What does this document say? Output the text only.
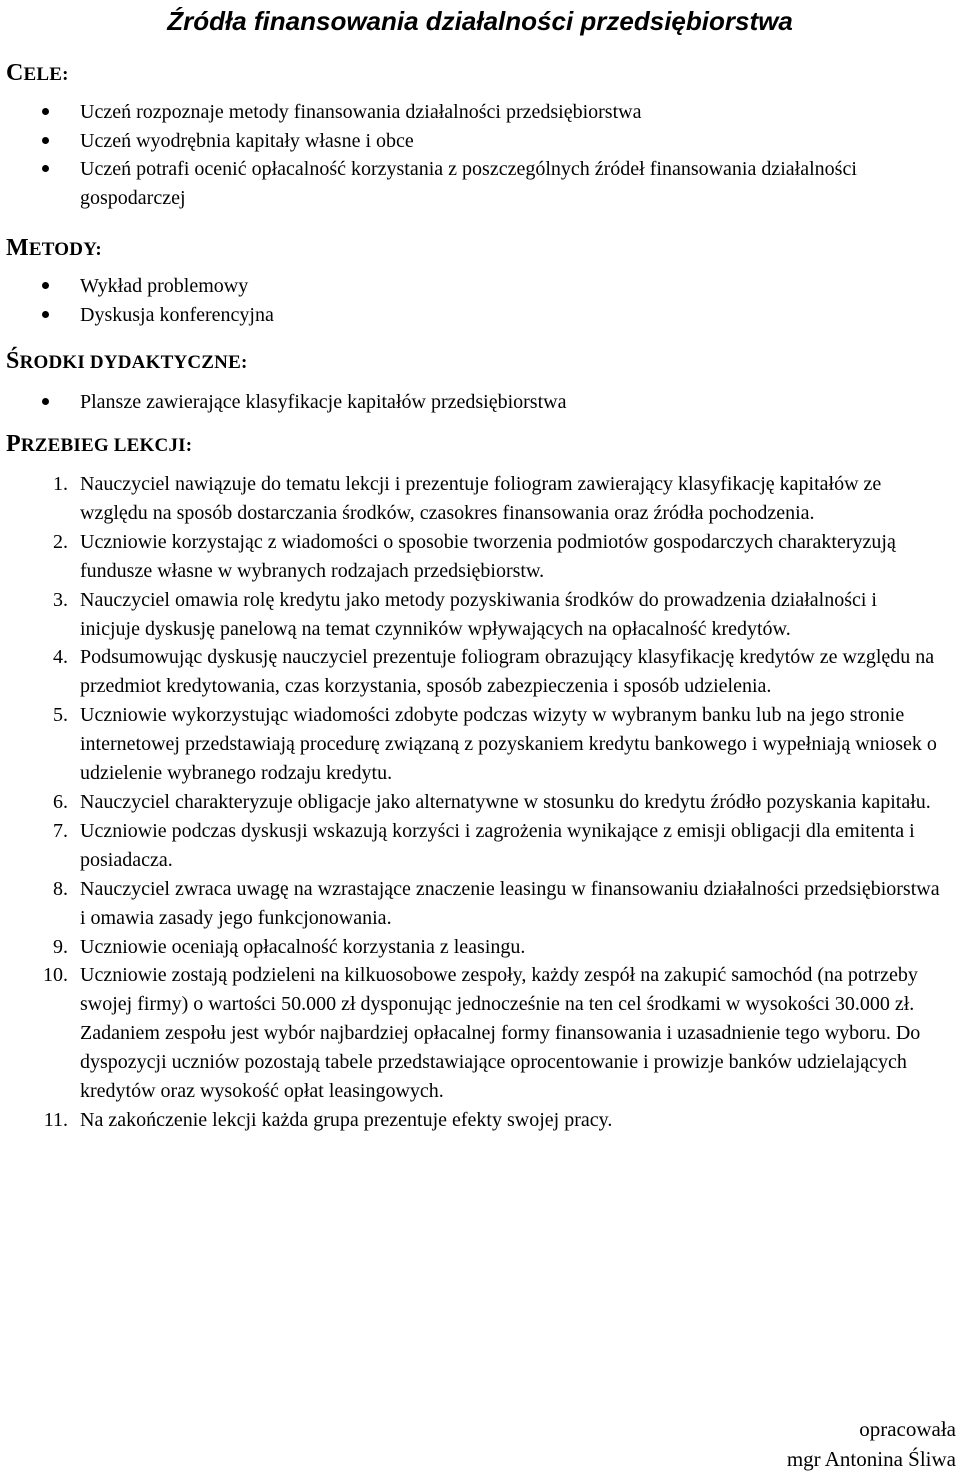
Źródła finansowania działalności przedsiębiorstwa
CELE:
Uczeń rozpoznaje metody finansowania działalności przedsiębiorstwa
Uczeń wyodrębnia kapitały własne i obce
Uczeń potrafi ocenić opłacalność korzystania z poszczególnych źródeł finansowania działalności gospodarczej
METODY:
Wykład problemowy
Dyskusja konferencyjna
ŚRODKI DYDAKTYCZNE:
Plansze zawierające klasyfikacje kapitałów przedsiębiorstwa
PRZEBIEG LEKCJI:
1. Nauczyciel nawiązuje do tematu lekcji i prezentuje foliogram zawierający klasyfikację kapitałów ze względu na sposób dostarczania środków, czasokres finansowania oraz źródła pochodzenia.
2. Uczniowie korzystając z wiadomości o sposobie tworzenia podmiotów gospodarczych charakteryzują fundusze własne w wybranych rodzajach przedsiębiorstw.
3. Nauczyciel omawia rolę kredytu jako metody pozyskiwania środków do prowadzenia działalności i inicjuje dyskusję panelową na temat czynników wpływających na opłacalność kredytów.
4. Podsumowując dyskusję nauczyciel prezentuje foliogram obrazujący klasyfikację kredytów ze względu na przedmiot kredytowania, czas korzystania, sposób zabezpieczenia i sposób udzielenia.
5. Uczniowie wykorzystując wiadomości zdobyte podczas wizyty w wybranym banku lub na jego stronie internetowej przedstawiają procedurę związaną z pozyskaniem kredytu bankowego i wypełniają wniosek o udzielenie wybranego rodzaju kredytu.
6. Nauczyciel charakteryzuje obligacje jako alternatywne w stosunku do kredytu źródło pozyskania kapitału.
7. Uczniowie podczas dyskusji wskazują korzyści i zagrożenia wynikające z emisji obligacji dla emitenta i posiadacza.
8. Nauczyciel zwraca uwagę na wzrastające znaczenie leasingu w finansowaniu działalności przedsiębiorstwa i omawia zasady jego funkcjonowania.
9. Uczniowie oceniają opłacalność korzystania z leasingu.
10. Uczniowie zostają podzieleni na kilkuosobowe zespoły, każdy zespół na zakupić samochód (na potrzeby swojej firmy) o wartości 50.000 zł dysponując jednocześnie na ten cel środkami w wysokości 30.000 zł. Zadaniem zespołu jest wybór najbardziej opłacalnej formy finansowania i uzasadnienie tego wyboru. Do dyspozycji uczniów pozostają tabele przedstawiające oprocentowanie i prowizje banków udzielających kredytów oraz wysokość opłat leasingowych.
11. Na zakończenie lekcji każda grupa prezentuje efekty swojej pracy.
opracowała
mgr Antonina Śliwa
